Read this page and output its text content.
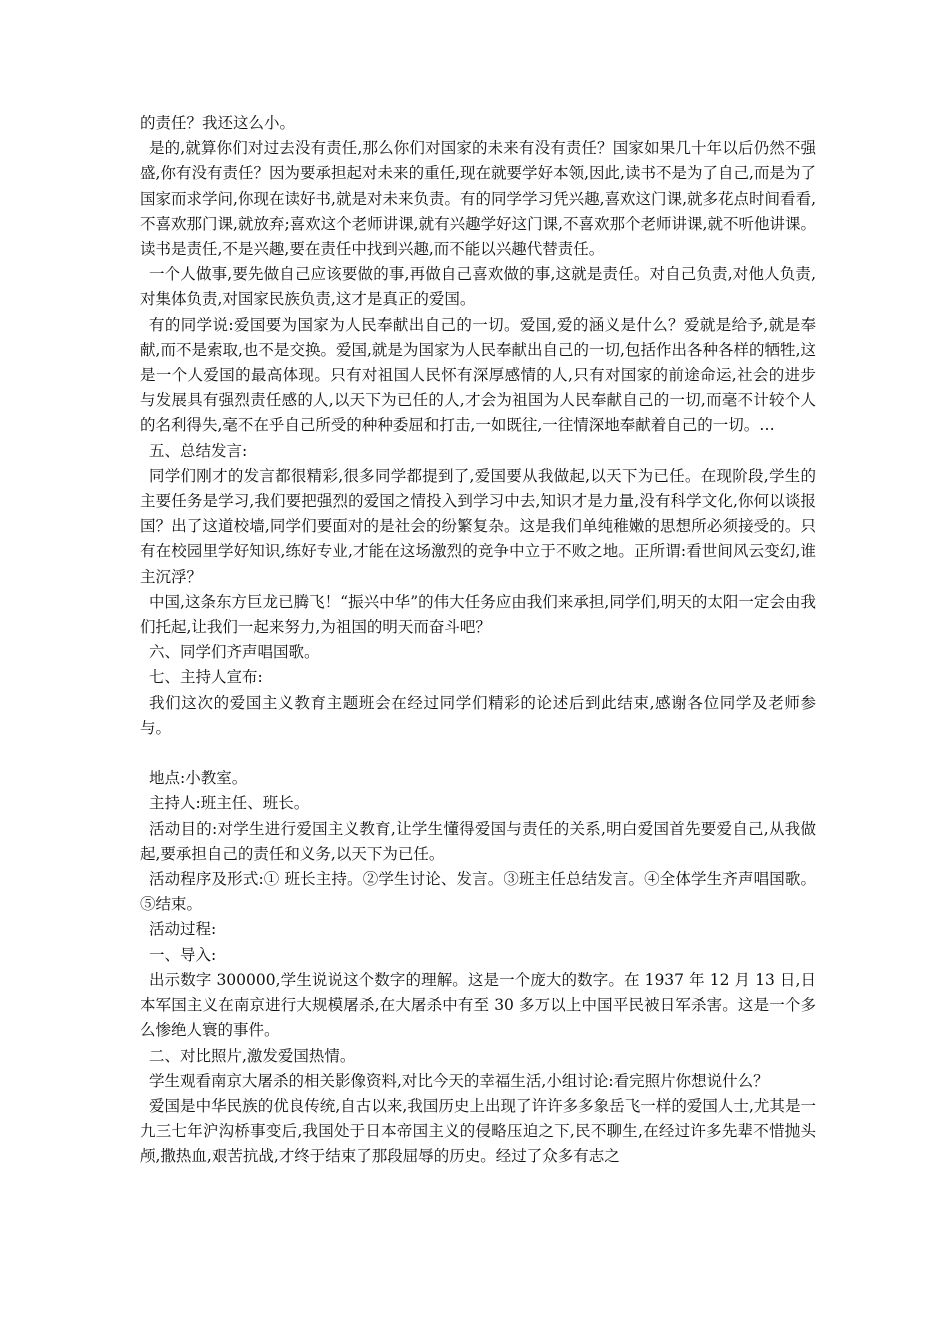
的责任？我还这么小。

是的,就算你们对过去没有责任,那么你们对国家的未来有没有责任？国家如果几十年以后仍然不强盛,你有没有责任？因为要承担起对未来的重任,现在就要学好本领,因此,读书不是为了自己,而是为了国家而求学问,你现在读好书,就是对未来负责。有的同学学习凭兴趣,喜欢这门课,就多花点时间看看,不喜欢那门课,就放弃;喜欢这个老师讲课,就有兴趣学好这门课,不喜欢那个老师讲课,就不听他讲课。读书是责任,不是兴趣,要在责任中找到兴趣,而不能以兴趣代替责任。

一个人做事,要先做自己应该要做的事,再做自己喜欢做的事,这就是责任。对自己负责,对他人负责,对集体负责,对国家民族负责,这才是真正的爱国。

有的同学说:爱国要为国家为人民奉献出自己的一切。爱国,爱的涵义是什么？爱就是给予,就是奉献,而不是索取,也不是交换。爱国,就是为国家为人民奉献出自己的一切,包括作出各种各样的牺牲,这是一个人爱国的最高体现。只有对祖国人民怀有深厚感情的人,只有对国家的前途命运,社会的进步与发展具有强烈责任感的人,以天下为已任的人,才会为祖国为人民奉献自己的一切,而毫不计较个人的名利得失,毫不在乎自己所受的种种委屈和打击,一如既往,一往情深地奉献着自己的一切。…

五、总结发言:

同学们刚才的发言都很精彩,很多同学都提到了,爱国要从我做起,以天下为已任。在现阶段,学生的主要任务是学习,我们要把强烈的爱国之情投入到学习中去,知识才是力量,没有科学文化,你何以谈报国？出了这道校墙,同学们要面对的是社会的纷繁复杂。这是我们单纯稚嫩的思想所必须接受的。只有在校园里学好知识,练好专业,才能在这场激烈的竞争中立于不败之地。正所谓:看世间风云变幻,谁主沉浮？

中国,这条东方巨龙已腾飞！“振兴中华”的伟大任务应由我们来承担,同学们,明天的太阳一定会由我们托起,让我们一起来努力,为祖国的明天而奋斗吧？

六、同学们齐声唱国歌。

七、主持人宣布:

我们这次的爱国主义教育主题班会在经过同学们精彩的论述后到此结束,感谢各位同学及老师参与。

地点:小教室。

主持人:班主任、班长。

活动目的:对学生进行爱国主义教育,让学生懂得爱国与责任的关系,明白爱国首先要爱自己,从我做起,要承担自己的责任和义务,以天下为已任。

活动程序及形式:① 班长主持。②学生讨论、发言。③班主任总结发言。④全体学生齐声唱国歌。⑤结束。

活动过程:

一、导入:

出示数字 300000,学生说说这个数字的理解。这是一个庞大的数字。在 1937 年 12 月 13 日,日本军国主义在南京进行大规模屠杀,在大屠杀中有至 30 多万以上中国平民被日军杀害。这是一个多么惨绝人寰的事件。

二、对比照片,激发爱国热情。

学生观看南京大屠杀的相关影像资料,对比今天的幸福生活,小组讨论:看完照片你想说什么？

爱国是中华民族的优良传统,自古以来,我国历史上出现了许许多多象岳飞一样的爱国人士,尤其是一九三七年沪沟桥事变后,我国处于日本帝国主义的侵略压迫之下,民不聊生,在经过许多先辈不惜抛头颅,撒热血,艰苦抗战,才终于结束了那段屈辱的历史。经过了众多有志之
